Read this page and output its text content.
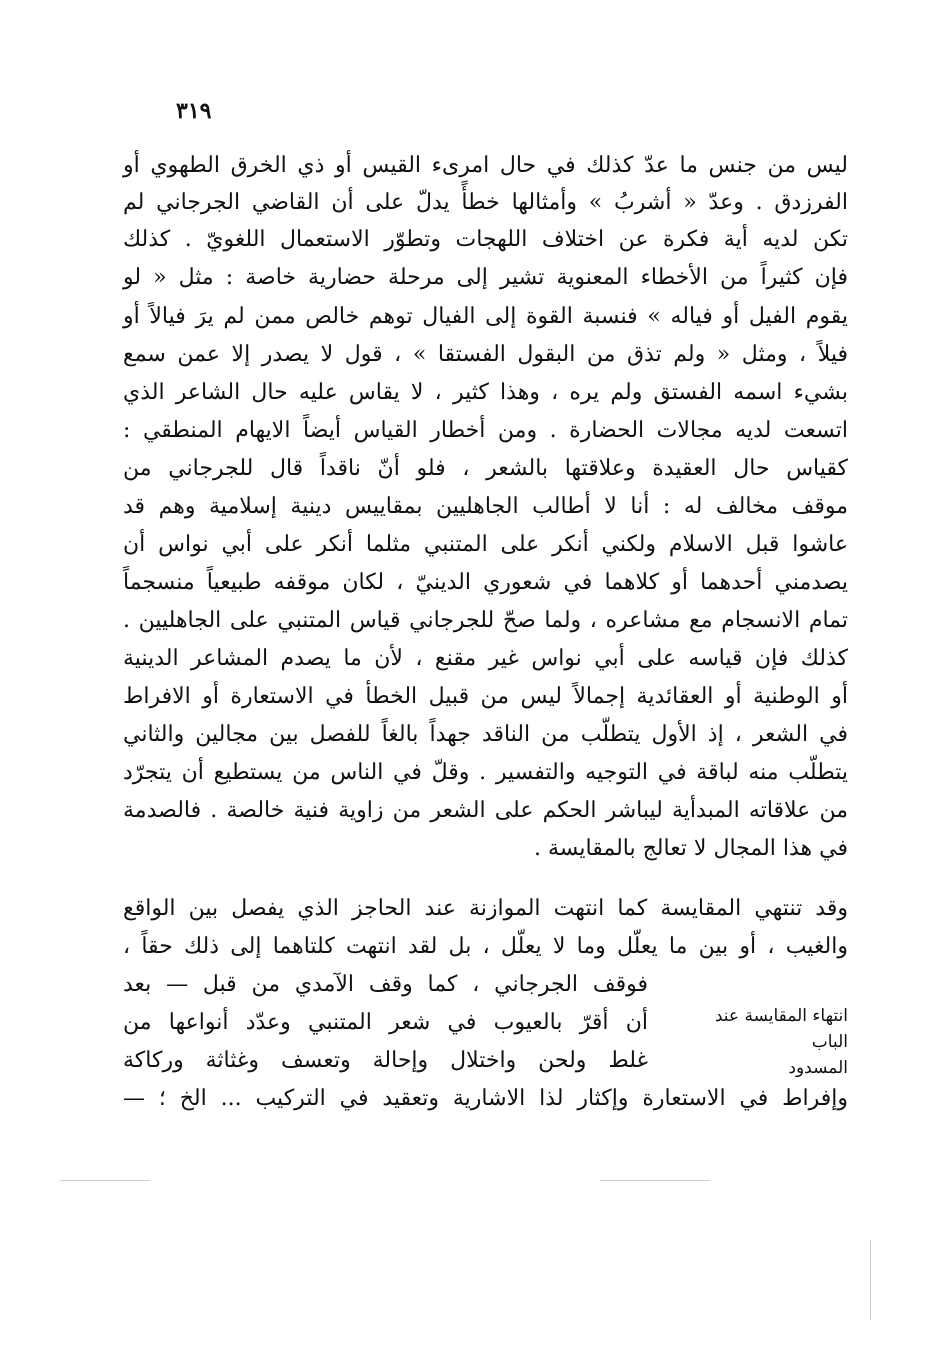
٣١٩
ليس من جنس ما عدّ كذلك في حال امرىء القيس أو ذي الخرق الطهوي أو
الفرزدق . وعدّ « أشربُ » وأمثالها خطأً يدلّ على أن القاضي الجرجاني لم
تكن لديه أية فكرة عن اختلاف اللهجات وتطوّر الاستعمال اللغويّ . كذلك
فإن كثيراً من الأخطاء المعنوية تشير إلى مرحلة حضارية خاصة : مثل « لو
يقوم الفيل أو فياله » فنسبة القوة إلى الفيال توهم خالص ممن لم يرَ فيالاً أو
فيلاً ، ومثل « ولم تذق من البقول الفستقا » ، قول لا يصدر إلا عمن سمع
بشيء اسمه الفستق ولم يره ، وهذا كثير ، لا يقاس عليه حال الشاعر الذي
اتسعت لديه مجالات الحضارة . ومن أخطار القياس أيضاً الايهام المنطقي :
كقياس حال العقيدة وعلاقتها بالشعر ، فلو أنّ ناقداً قال للجرجاني من
موقف مخالف له : أنا لا أطالب الجاهليين بمقاييس دينية إسلامية وهم قد
عاشوا قبل الاسلام ولكني أنكر على المتنبي مثلما أنكر على أبي نواس أن
يصدمني أحدهما أو كلاهما في شعوري الدينيّ ، لكان موقفه طبيعياً منسجماً
تمام الانسجام مع مشاعره ، ولما صحّ للجرجاني قياس المتنبي على الجاهليين .
كذلك فإن قياسه على أبي نواس غير مقنع ، لأن ما يصدم المشاعر الدينية
أو الوطنية أو العقائدية إجمالاً ليس من قبيل الخطأ في الاستعارة أو الافراط
في الشعر ، إذ الأول يتطلّب من الناقد جهداً بالغاً للفصل بين مجالين والثاني
يتطلّب منه لباقة في التوجيه والتفسير . وقلّ في الناس من يستطيع أن يتجرّد
من علاقاته المبدأية ليباشر الحكم على الشعر من زاوية فنية خالصة . فالصدمة
في هذا المجال لا تعالج بالمقايسة .
وقد تنتهي المقايسة كما انتهت الموازنة عند الحاجز الذي يفصل بين الواقع
والغيب ، أو بين ما يعلّل وما لا يعلّل ، بل لقد انتهت كلتاهما إلى ذلك حقاً ،
فوقف الجرجاني ، كما وقف الآمدي من قبل — بعد
أن أقرّ بالعيوب في شعر المتنبي وعدّد أنواعها من
غلط ولحن واختلال وإحالة وتعسف وغثاثة وركاكة
وإفراط في الاستعارة وإكثار لذا الاشارية وتعقيد في التركيب ... الخ ؛ —
انتهاء المقايسة عند الباب
المسدود
